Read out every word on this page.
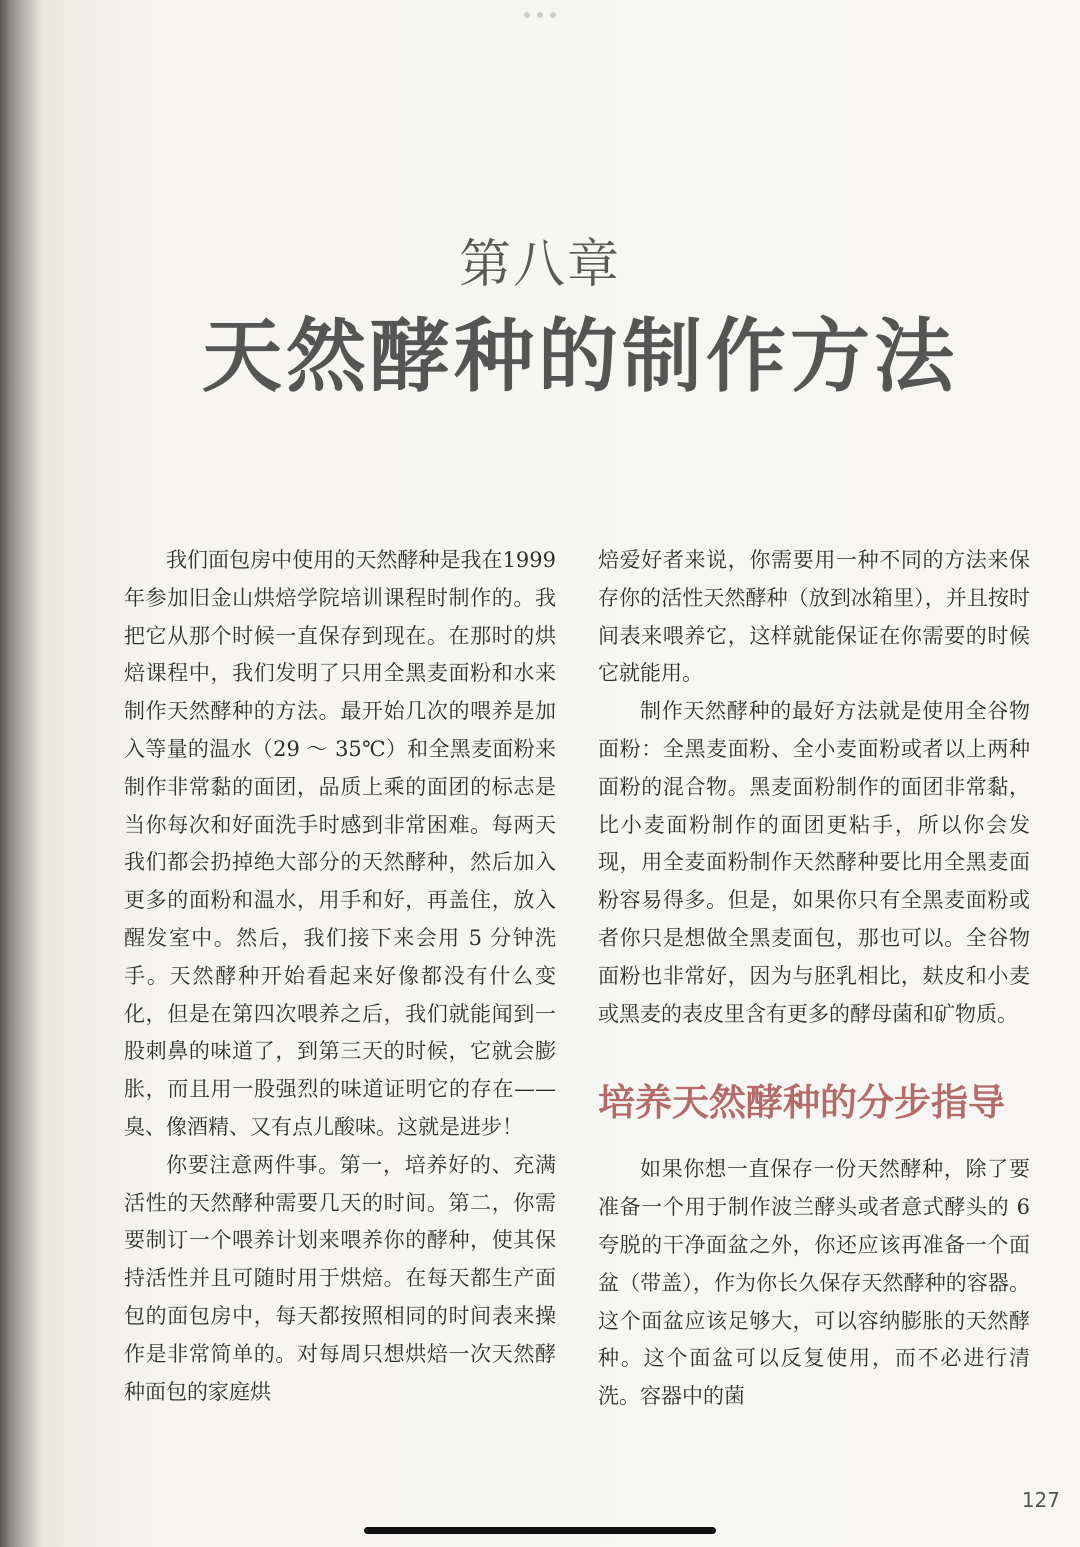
第八章
天然酵种的制作方法

我们面包房中使用的天然酵种是我在1999 年参加旧金山烘焙学院培训课程时制作的。我把它从那个时候一直保存到现在。在那时的烘焙课程中，我们发明了只用全黑麦面粉和水来制作天然酵种的方法。最开始几次的喂养是加入等量的温水（29 ～ 35℃）和全黑麦面粉来制作非常黏的面团，品质上乘的面团的标志是当你每次和好面洗手时感到非常困难。每两天我们都会扔掉绝大部分的天然酵种，然后加入更多的面粉和温水，用手和好，再盖住，放入醒发室中。然后，我们接下来会用 5 分钟洗手。天然酵种开始看起来好像都没有什么变化，但是在第四次喂养之后，我们就能闻到一股刺鼻的味道了，到第三天的时候，它就会膨胀，而且用一股强烈的味道证明它的存在——臭、像酒精、又有点儿酸味。这就是进步！

你要注意两件事。第一，培养好的、充满活性的天然酵种需要几天的时间。第二，你需要制订一个喂养计划来喂养你的酵种，使其保持活性并且可随时用于烘焙。在每天都生产面包的面包房中，每天都按照相同的时间表来操作是非常简单的。对每周只想烘焙一次天然酵种面包的家庭烘

焙爱好者来说，你需要用一种不同的方法来保存你的活性天然酵种（放到冰箱里），并且按时间表来喂养它，这样就能保证在你需要的时候它就能用。

制作天然酵种的最好方法就是使用全谷物面粉：全黑麦面粉、全小麦面粉或者以上两种面粉的混合物。黑麦面粉制作的面团非常黏，比小麦面粉制作的面团更粘手，所以你会发现，用全麦面粉制作天然酵种要比用全黑麦面粉容易得多。但是，如果你只有全黑麦面粉或者你只是想做全黑麦面包，那也可以。全谷物面粉也非常好，因为与胚乳相比，麸皮和小麦或黑麦的表皮里含有更多的酵母菌和矿物质。

培养天然酵种的分步指导

如果你想一直保存一份天然酵种，除了要准备一个用于制作波兰酵头或者意式酵头的 6 夸脱的干净面盆之外，你还应该再准备一个面盆（带盖），作为你长久保存天然酵种的容器。这个面盆应该足够大，可以容纳膨胀的天然酵种。这个面盆可以反复使用，而不必进行清洗。容器中的菌

127
